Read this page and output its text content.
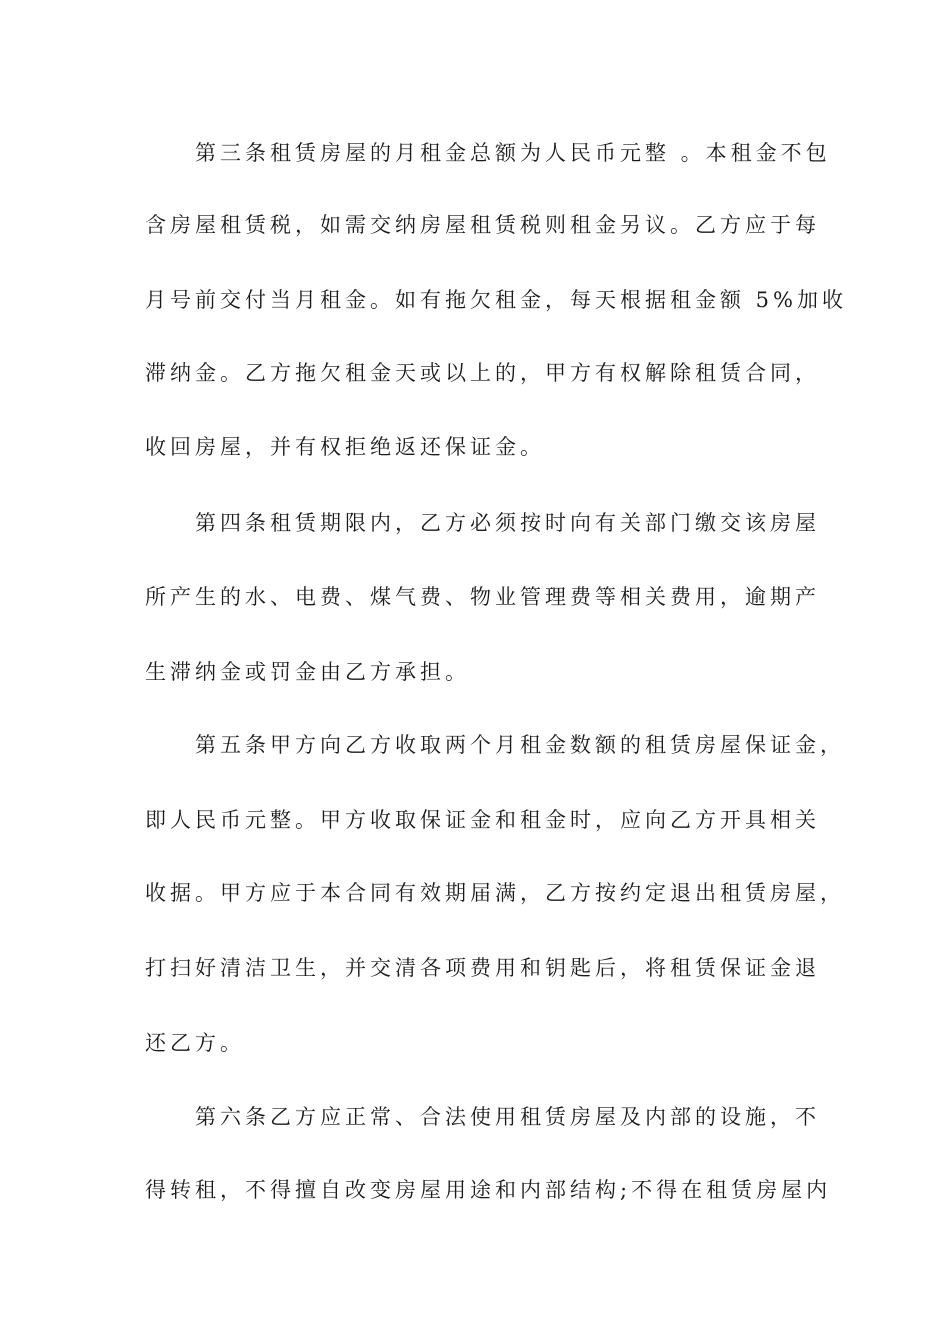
第三条租赁房屋的月租金总额为人民币元整 。本租金不包
含房屋租赁税，如需交纳房屋租赁税则租金另议。乙方应于每
月号前交付当月租金。如有拖欠租金，每天根据租金额 5%加收
滞纳金。乙方拖欠租金天或以上的，甲方有权解除租赁合同，
收回房屋，并有权拒绝返还保证金。
第四条租赁期限内，乙方必须按时向有关部门缴交该房屋
所产生的水、电费、煤气费、物业管理费等相关费用，逾期产
生滞纳金或罚金由乙方承担。
第五条甲方向乙方收取两个月租金数额的租赁房屋保证金，
即人民币元整。甲方收取保证金和租金时，应向乙方开具相关
收据。甲方应于本合同有效期届满，乙方按约定退出租赁房屋，
打扫好清洁卫生，并交清各项费用和钥匙后，将租赁保证金退
还乙方。
第六条乙方应正常、合法使用租赁房屋及内部的设施，不
得转租，不得擅自改变房屋用途和内部结构;不得在租赁房屋内
